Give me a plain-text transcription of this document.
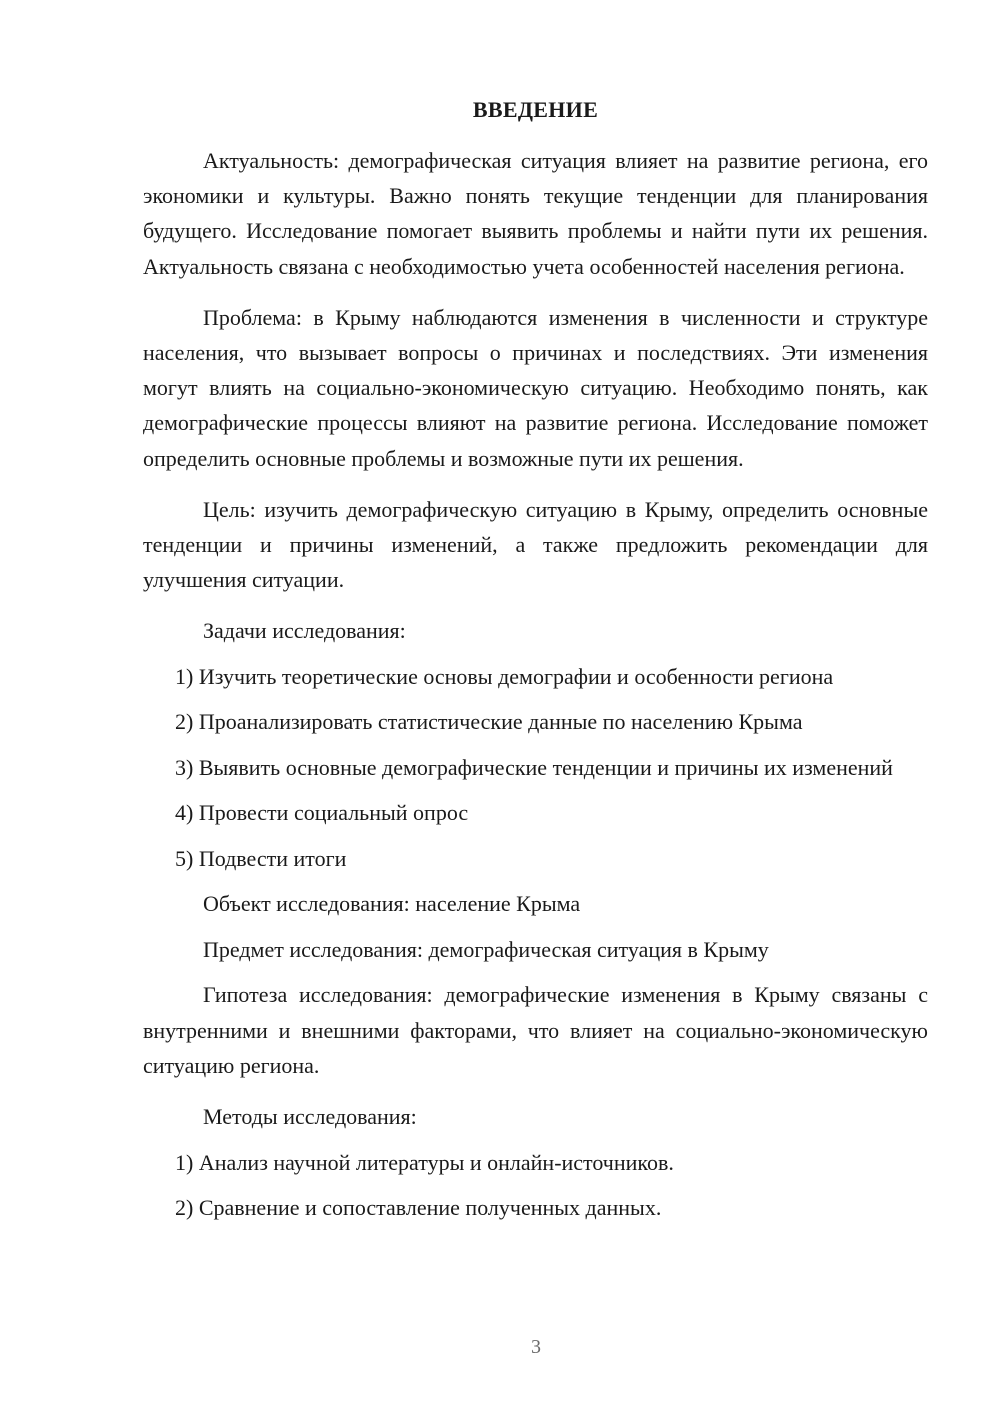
ВВЕДЕНИЕ

Актуальность: демографическая ситуация влияет на развитие региона, его экономики и культуры. Важно понять текущие тенденции для планирования будущего. Исследование помогает выявить проблемы и найти пути их решения. Актуальность связана с необходимостью учета особенностей населения региона.

Проблема: в Крыму наблюдаются изменения в численности и структуре населения, что вызывает вопросы о причинах и последствиях. Эти изменения могут влиять на социально-экономическую ситуацию. Необходимо понять, как демографические процессы влияют на развитие региона. Исследование поможет определить основные проблемы и возможные пути их решения.

Цель: изучить демографическую ситуацию в Крыму, определить основные тенденции и причины изменений, а также предложить рекомендации для улучшения ситуации.

Задачи исследования:

1) Изучить теоретические основы демографии и особенности региона

2) Проанализировать статистические данные по населению Крыма

3) Выявить основные демографические тенденции и причины их изменений

4) Провести социальный опрос

5) Подвести итоги

Объект исследования: население Крыма

Предмет исследования: демографическая ситуация в Крыму

Гипотеза исследования: демографические изменения в Крыму связаны с внутренними и внешними факторами, что влияет на социально-экономическую ситуацию региона.

Методы исследования:

1) Анализ научной литературы и онлайн-источников.

2) Сравнение и сопоставление полученных данных.

3
